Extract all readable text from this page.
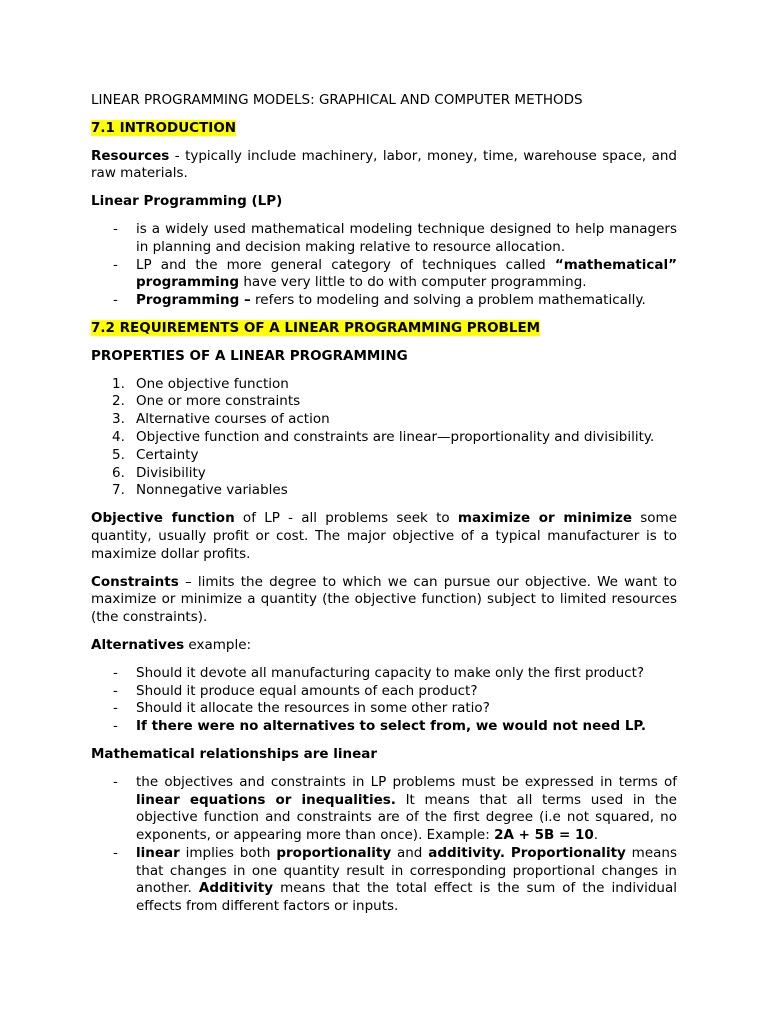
LINEAR PROGRAMMING MODELS: GRAPHICAL AND COMPUTER METHODS

7.1 INTRODUCTION

Resources - typically include machinery, labor, money, time, warehouse space, and raw materials.

Linear Programming (LP)

- is a widely used mathematical modeling technique designed to help managers in planning and decision making relative to resource allocation.
- LP and the more general category of techniques called “mathematical” programming have very little to do with computer programming.
- Programming – refers to modeling and solving a problem mathematically.

7.2 REQUIREMENTS OF A LINEAR PROGRAMMING PROBLEM

PROPERTIES OF A LINEAR PROGRAMMING

1. One objective function
2. One or more constraints
3. Alternative courses of action
4. Objective function and constraints are linear—proportionality and divisibility.
5. Certainty
6. Divisibility
7. Nonnegative variables

Objective function of LP - all problems seek to maximize or minimize some quantity, usually profit or cost. The major objective of a typical manufacturer is to maximize dollar profits.

Constraints – limits the degree to which we can pursue our objective. We want to maximize or minimize a quantity (the objective function) subject to limited resources (the constraints).

Alternatives example:

- Should it devote all manufacturing capacity to make only the first product?
- Should it produce equal amounts of each product?
- Should it allocate the resources in some other ratio?
- If there were no alternatives to select from, we would not need LP.

Mathematical relationships are linear

- the objectives and constraints in LP problems must be expressed in terms of linear equations or inequalities. It means that all terms used in the objective function and constraints are of the first degree (i.e not squared, no exponents, or appearing more than once). Example: 2A + 5B = 10.
- linear implies both proportionality and additivity. Proportionality means that changes in one quantity result in corresponding proportional changes in another. Additivity means that the total effect is the sum of the individual effects from different factors or inputs.
